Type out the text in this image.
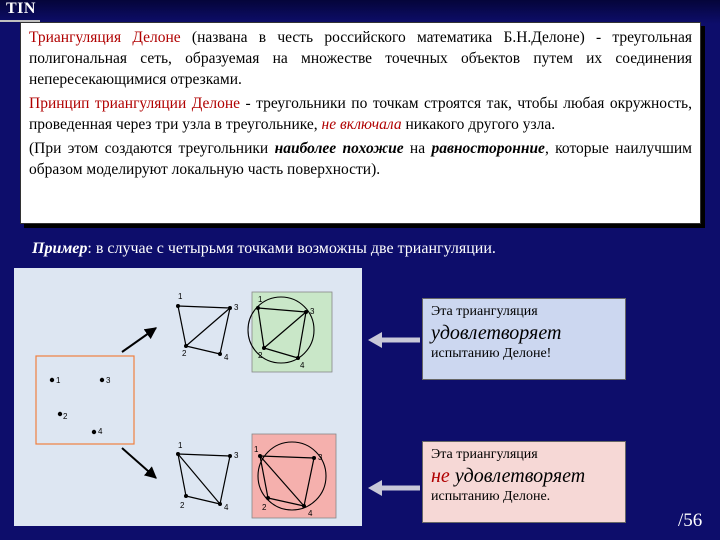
TIN

Триангуляция Делоне (названа в честь российского математика Б.Н.Делоне) - треугольная полигональная сеть, образуемая на множестве точечных объектов путем их соединения непересекающимися отрезками.

Принцип триангуляции Делоне - треугольники по точкам строятся так, чтобы любая окружность, проведенная через три узла в треугольнике, не включала никакого другого узла.

(При этом создаются треугольники наиболее похожие на равносторонние, которые наилучшим образом моделируют локальную часть поверхности).

Пример: в случае с четырьмя точками возможны две триангуляции.
1	3
2
4
1
3
2	4
1
3
2
4
1
3
2	4
1
3
2
4
Эта триангуляция
удовлетворяет
испытанию Делоне!
Эта триангуляция
не удовлетворяет
испытанию Делоне.
/56
